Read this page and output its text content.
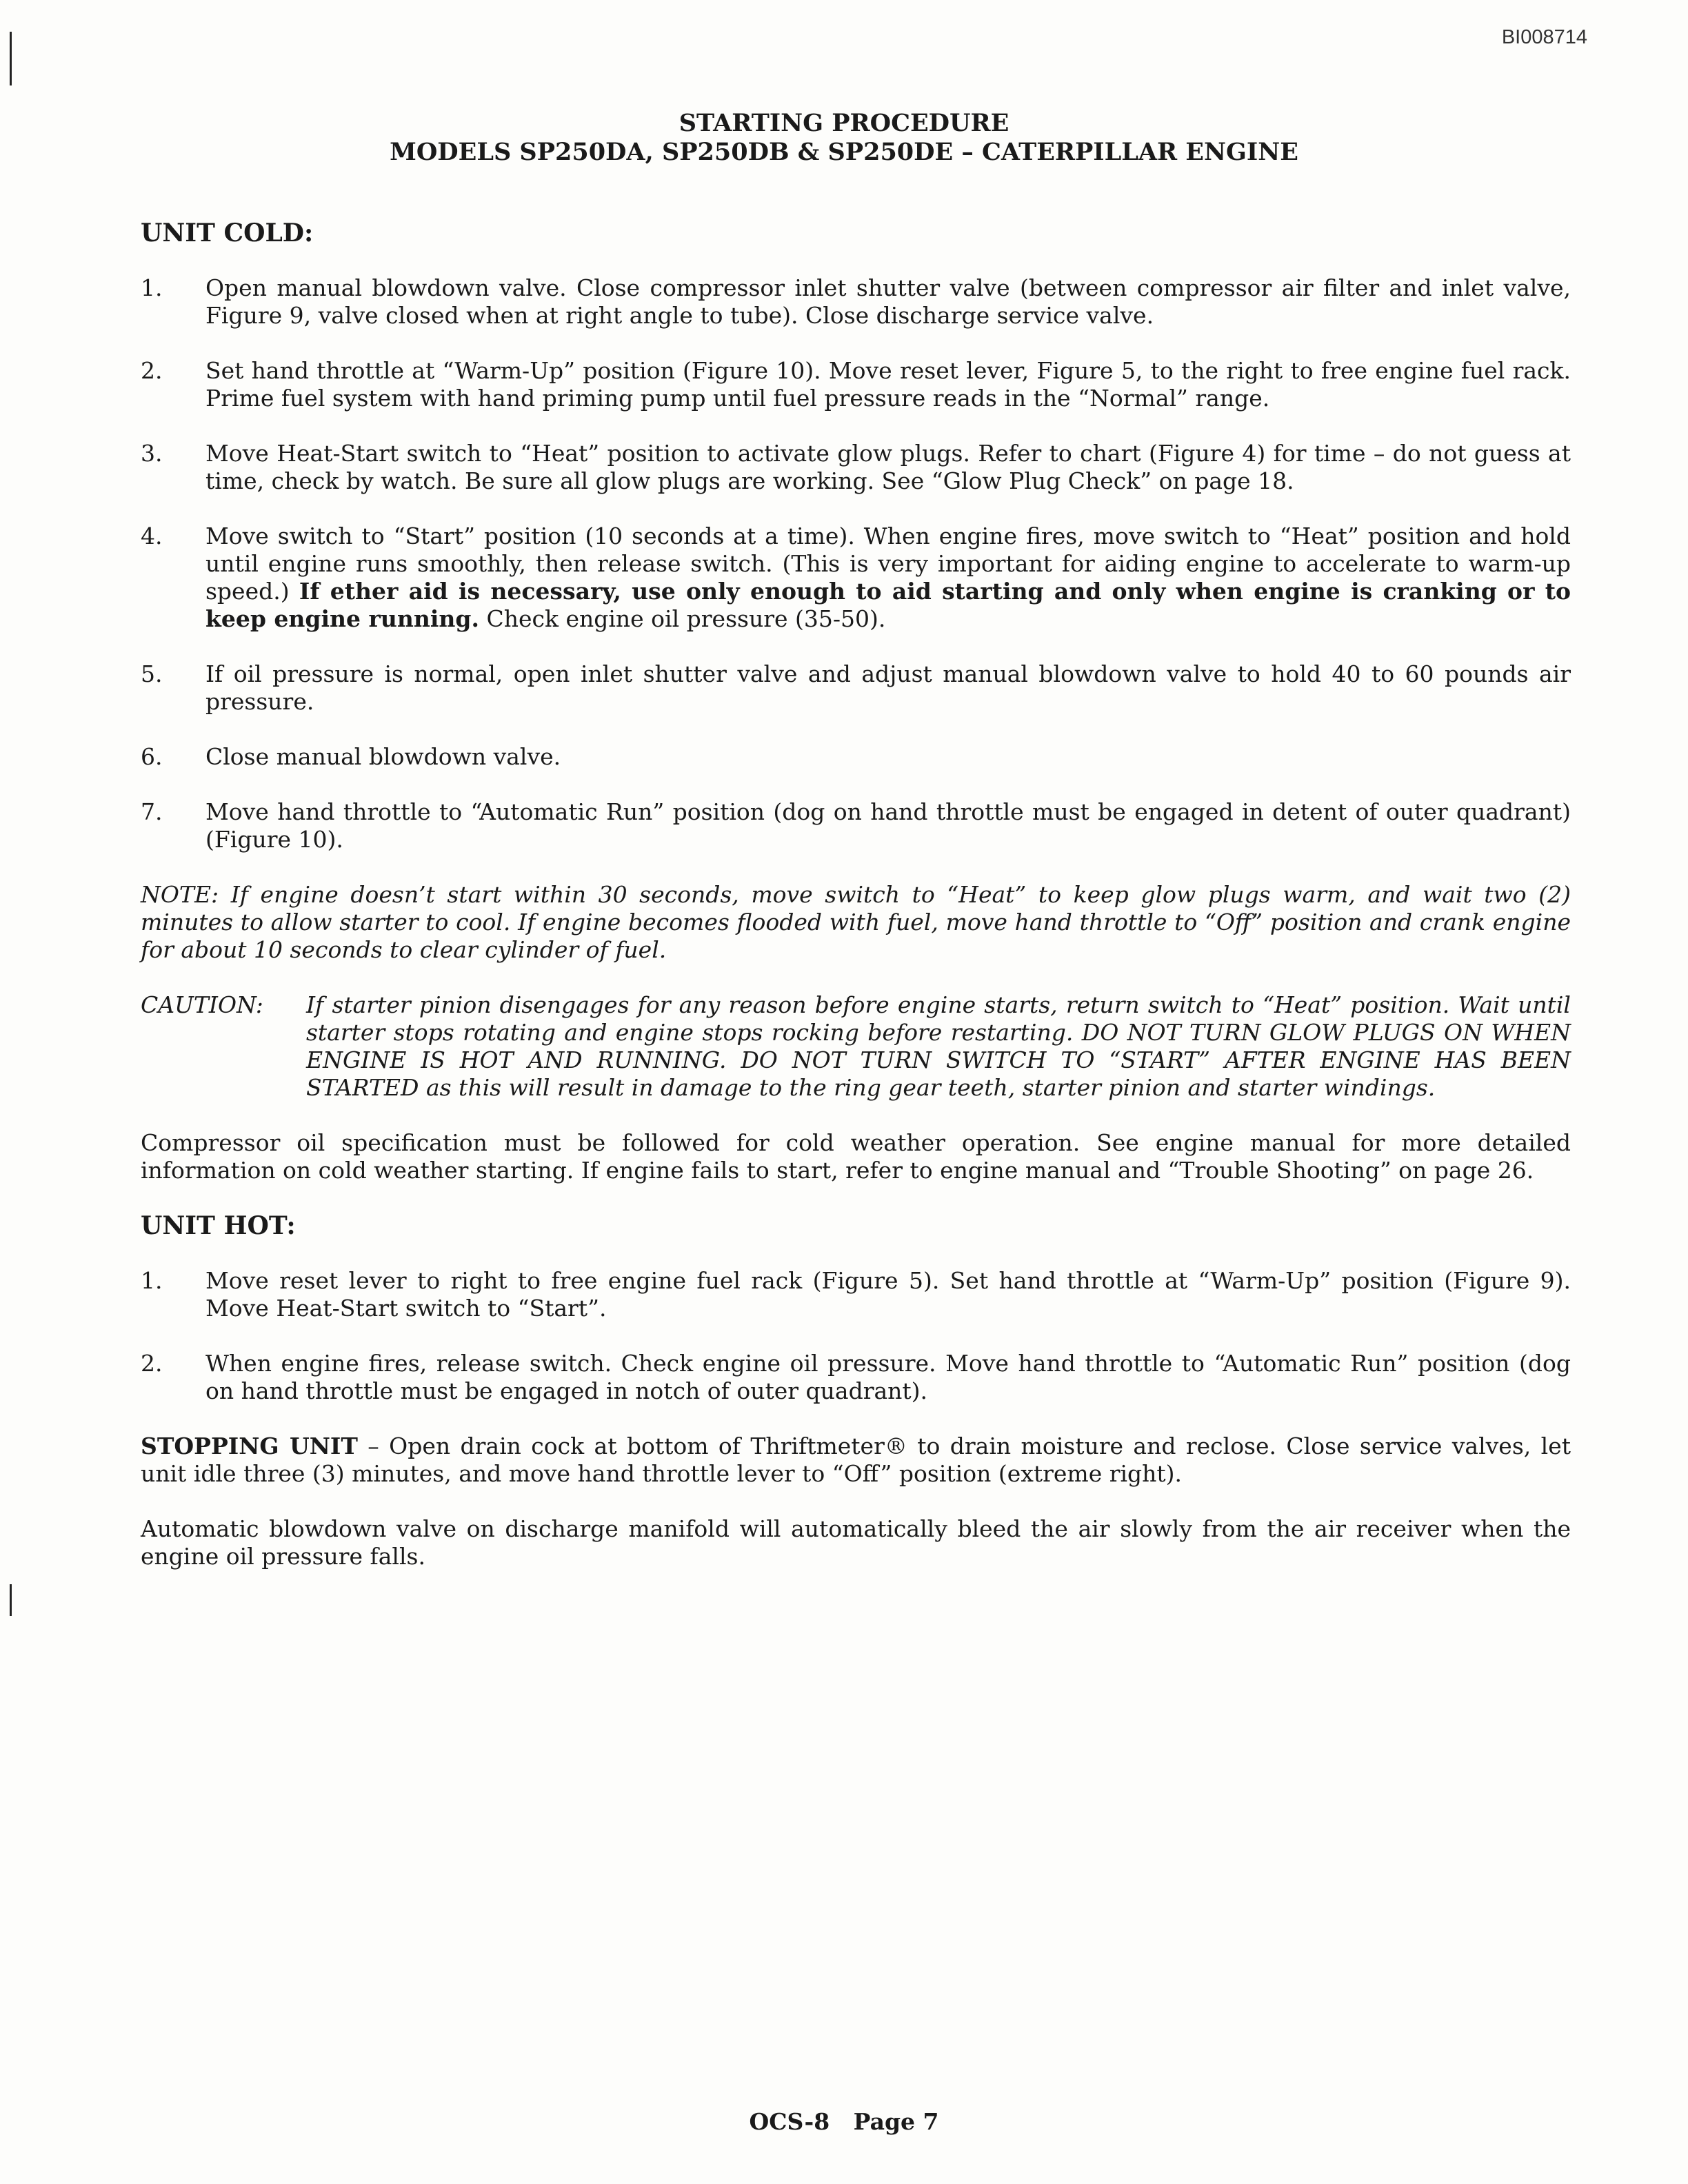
BI008714
STARTING PROCEDURE
MODELS SP250DA, SP250DB & SP250DE – CATERPILLAR ENGINE
UNIT COLD:
1.	Open manual blowdown valve. Close compressor inlet shutter valve (between compressor air filter and inlet valve, Figure 9, valve closed when at right angle to tube). Close discharge service valve.
2.	Set hand throttle at “Warm-Up” position (Figure 10). Move reset lever, Figure 5, to the right to free engine fuel rack. Prime fuel system with hand priming pump until fuel pressure reads in the “Normal” range.
3.	Move Heat-Start switch to “Heat” position to activate glow plugs. Refer to chart (Figure 4) for time – do not guess at time, check by watch. Be sure all glow plugs are working. See “Glow Plug Check” on page 18.
4.	Move switch to “Start” position (10 seconds at a time). When engine fires, move switch to “Heat” position and hold until engine runs smoothly, then release switch. (This is very important for aiding engine to accelerate to warm-up speed.) If ether aid is necessary, use only enough to aid starting and only when engine is cranking or to keep engine running. Check engine oil pressure (35-50).
5.	If oil pressure is normal, open inlet shutter valve and adjust manual blowdown valve to hold 40 to 60 pounds air pressure.
6.	Close manual blowdown valve.
7.	Move hand throttle to “Automatic Run” position (dog on hand throttle must be engaged in detent of outer quadrant) (Figure 10).
NOTE: If engine doesn’t start within 30 seconds, move switch to “Heat” to keep glow plugs warm, and wait two (2) minutes to allow starter to cool. If engine becomes flooded with fuel, move hand throttle to “Off” position and crank engine for about 10 seconds to clear cylinder of fuel.
CAUTION:	If starter pinion disengages for any reason before engine starts, return switch to “Heat” position. Wait until starter stops rotating and engine stops rocking before restarting. DO NOT TURN GLOW PLUGS ON WHEN ENGINE IS HOT AND RUNNING. DO NOT TURN SWITCH TO “START” AFTER ENGINE HAS BEEN STARTED as this will result in damage to the ring gear teeth, starter pinion and starter windings.
Compressor oil specification must be followed for cold weather operation. See engine manual for more detailed information on cold weather starting. If engine fails to start, refer to engine manual and “Trouble Shooting” on page 26.
UNIT HOT:
1.	Move reset lever to right to free engine fuel rack (Figure 5). Set hand throttle at “Warm-Up” position (Figure 9). Move Heat-Start switch to “Start”.
2.	When engine fires, release switch. Check engine oil pressure. Move hand throttle to “Automatic Run” position (dog on hand throttle must be engaged in notch of outer quadrant).
STOPPING UNIT – Open drain cock at bottom of Thriftmeter® to drain moisture and reclose. Close service valves, let unit idle three (3) minutes, and move hand throttle lever to “Off” position (extreme right).
Automatic blowdown valve on discharge manifold will automatically bleed the air slowly from the air receiver when the engine oil pressure falls.
OCS-8   Page 7
